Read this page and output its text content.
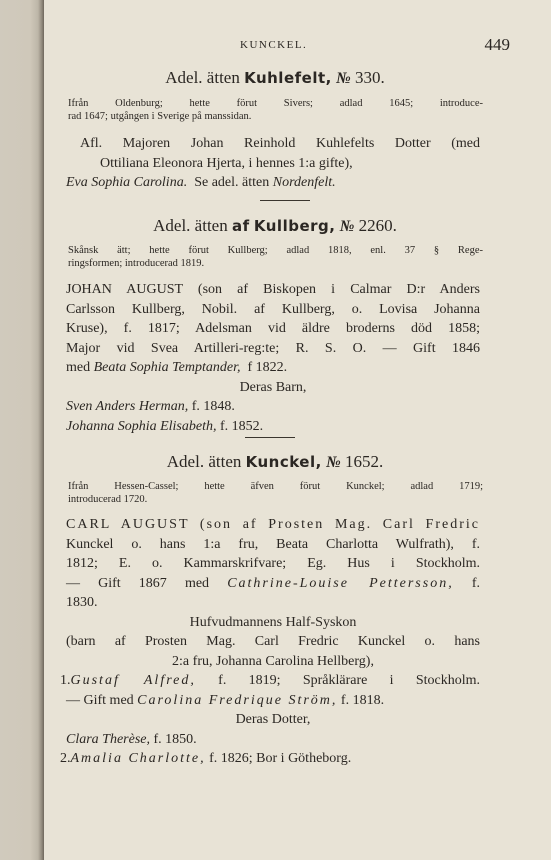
KUNCKEL.	449
Adel. ätten Kuhlefelt, № 330.
Ifrån Oldenburg; hette förut Sivers; adlad 1645; introduce-
rad 1647; utgången i Sverige på manssidan.
Afl. Majoren Johan Reinhold Kuhlefelts Dotter (med
Ottiliana Eleonora Hjerta, i hennes 1:a gifte),
Eva Sophia Carolina. Se adel. ätten Nordenfelt.
Adel. ätten af Kullberg, № 2260.
Skånsk ätt; hette förut Kullberg; adlad 1818, enl. 37 § Rege-
ringsformen; introducerad 1819.
JOHAN AUGUST (son af Biskopen i Calmar D:r Anders
Carlsson Kullberg, Nobil. af Kullberg, o. Lovisa Johanna
Kruse), f. 1817; Adelsman vid äldre broderns död 1858;
Major vid Svea Artilleri-reg:te; R. S. O. — Gift 1846
med Beata Sophia Temptander, f 1822.
Deras Barn,
Sven Anders Herman, f. 1848.
Johanna Sophia Elisabeth, f. 1852.
Adel. ätten Kunckel, № 1652.
Ifrån Hessen-Cassel; hette äfven förut Kunckel; adlad 1719;
introducerad 1720.
CARL AUGUST (son af Prosten Mag. Carl Fredric
Kunckel o. hans 1:a fru, Beata Charlotta Wulfrath), f.
1812; E. o. Kammarskrifvare; Eg. Hus i Stockholm.
— Gift 1867 med Cathrine-Louise Pettersson, f.
1830.
Hufvudmannens Half-Syskon
(barn af Prosten Mag. Carl Fredric Kunckel o. hans
2:a fru, Johanna Carolina Hellberg),
1.Gustaf Alfred, f. 1819; Språklärare i Stockholm.
— Gift med Carolina Fredrique Ström, f. 1818.
Deras Dotter,
Clara Therèse, f. 1850.
2.Amalia Charlotte, f. 1826; Bor i Götheborg.
